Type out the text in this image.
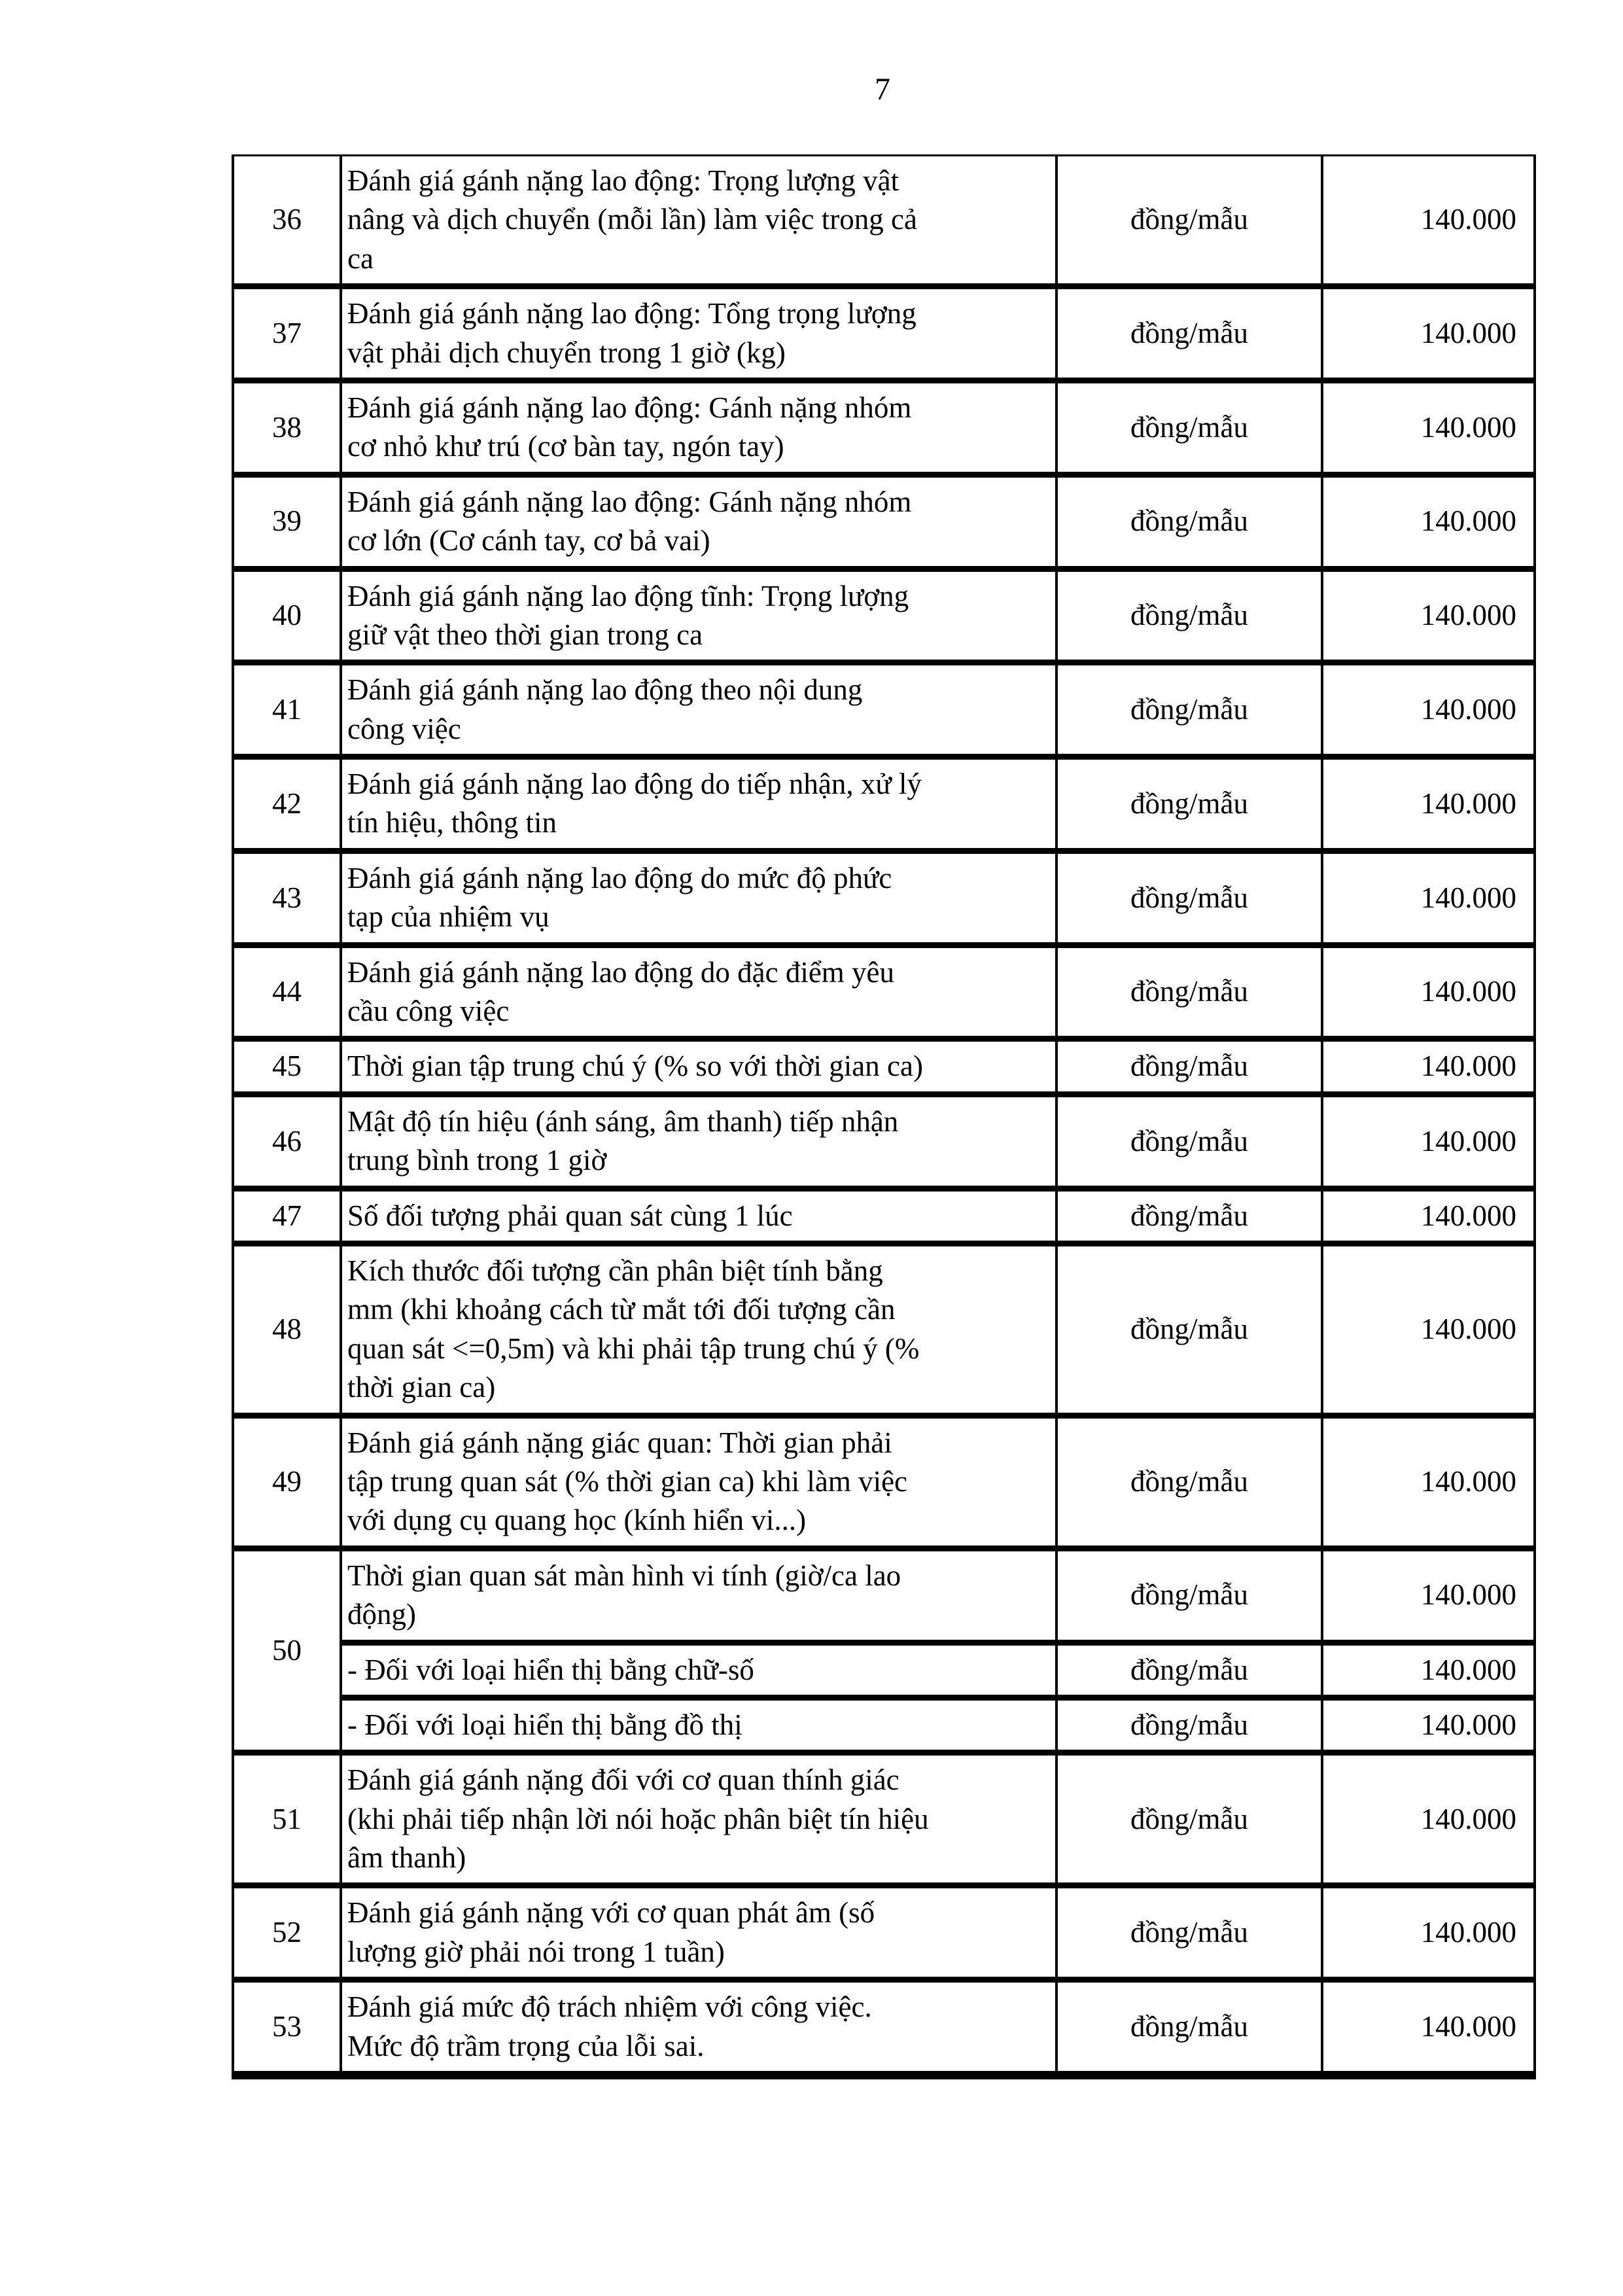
7
36	Đánh giá gánh nặng lao động: Trọng lượng vật
nâng và dịch chuyển (mỗi lần) làm việc trong cả
ca	đồng/mẫu	140.000
37	Đánh giá gánh nặng lao động: Tổng trọng lượng
vật phải dịch chuyển trong 1 giờ (kg)	đồng/mẫu	140.000
38	Đánh giá gánh nặng lao động: Gánh nặng nhóm
cơ nhỏ khư trú (cơ bàn tay, ngón tay)	đồng/mẫu	140.000
39	Đánh giá gánh nặng lao động: Gánh nặng nhóm
cơ lớn (Cơ cánh tay, cơ bả vai)	đồng/mẫu	140.000
40	Đánh giá gánh nặng lao động tĩnh: Trọng lượng
giữ vật theo thời gian trong ca	đồng/mẫu	140.000
41	Đánh giá gánh nặng lao động theo nội dung
công việc	đồng/mẫu	140.000
42	Đánh giá gánh nặng lao động do tiếp nhận, xử lý
tín hiệu, thông tin	đồng/mẫu	140.000
43	Đánh giá gánh nặng lao động do mức độ phức
tạp của nhiệm vụ	đồng/mẫu	140.000
44	Đánh giá gánh nặng lao động do đặc điểm yêu
cầu công việc	đồng/mẫu	140.000
45	Thời gian tập trung chú ý (% so với thời gian ca)	đồng/mẫu	140.000
46	Mật độ tín hiệu (ánh sáng, âm thanh) tiếp nhận
trung bình trong 1 giờ	đồng/mẫu	140.000
47	Số đối tượng phải quan sát cùng 1 lúc	đồng/mẫu	140.000
48	Kích thước đối tượng cần phân biệt tính bằng
mm (khi khoảng cách từ mắt tới đối tượng cần
quan sát <=0,5m) và khi phải tập trung chú ý (%
thời gian ca)	đồng/mẫu	140.000
49	Đánh giá gánh nặng giác quan: Thời gian phải
tập trung quan sát (% thời gian ca) khi làm việc
với dụng cụ quang học (kính hiển vi...)	đồng/mẫu	140.000
50	Thời gian quan sát màn hình vi tính (giờ/ca lao
động)	đồng/mẫu	140.000

	- Đối với loại hiển thị bằng chữ-số	đồng/mẫu	140.000

	- Đối với loại hiển thị bằng đồ thị	đồng/mẫu	140.000
51	Đánh giá gánh nặng đối với cơ quan thính giác
(khi phải tiếp nhận lời nói hoặc phân biệt tín hiệu
âm thanh)	đồng/mẫu	140.000
52	Đánh giá gánh nặng với cơ quan phát âm (số
lượng giờ phải nói trong 1 tuần)	đồng/mẫu	140.000
53	Đánh giá mức độ trách nhiệm với công việc.
Mức độ trầm trọng của lỗi sai.	đồng/mẫu	140.000
